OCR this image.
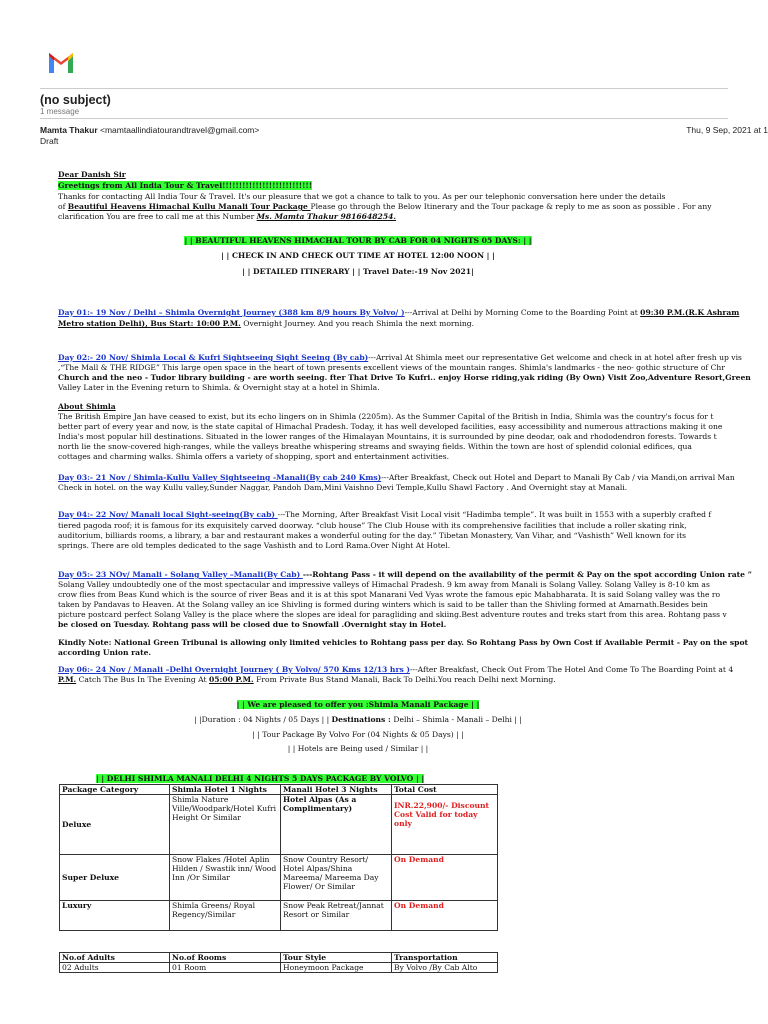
(no subject)
1 message
Mamta Thakur <mamtaallindiatourandtravel@gmail.com>	Thu, 9 Sep, 2021 at 1
Draft
Dear Danish Sir
Greetings from All India Tour & Travel!!!!!!!!!!!!!!!!!!!!!!!!!!!
Thanks for contacting All India Tour & Travel. It's our pleasure that we got a chance to talk to you. As per our telephonic conversation here under the details
of Beautiful Heavens Himachal Kullu Manali Tour Package Please go through the Below Itinerary and the Tour package & reply to me as soon as possible . For any
clarification You are free to call me at this Number Ms. Mamta Thakur 9816648254.
| | BEAUTIFUL HEAVENS HIMACHAL TOUR BY CAB FOR 04 NIGHTS 05 DAYS: | |
| | CHECK IN AND CHECK OUT TIME AT HOTEL 12:00 NOON | |
| | DETAILED ITINERARY | | Travel Date:-19 Nov 2021|
Day 01:- 19 Nov / Delhi – Shimla Overnight Journey (388 km 8/9 hours By Volvo/ )---Arrival at Delhi by Morning Come to the Boarding Point at 09:30 P.M.(R.K Ashram
Metro station Delhi), Bus Start: 10:00 P.M. Overnight Journey. And you reach Shimla the next morning.
Day 02:- 20 Nov/ Shimla Local & Kufri Sightseeing Sight Seeing (By cab)---Arrival At Shimla meet our representative Get welcome and check in at hotel after fresh up vis
,“The Mall & THE RIDGE” This large open space in the heart of town presents excellent views of the mountain ranges. Shimla's landmarks - the neo- gothic structure of Chr
Church and the neo - Tudor library building - are worth seeing. fter That Drive To Kufri.. enjoy Horse riding,yak riding (By Own) Visit Zoo,Adventure Resort,Green
Valley Later in the Evening return to Shimla. & Overnight stay at a hotel in Shimla.
About Shimla
The British Empire Jan have ceased to exist, but its echo lingers on in Shimla (2205m). As the Summer Capital of the British in India, Shimla was the country's focus for t
better part of every year and now, is the state capital of Himachal Pradesh. Today, it has well developed facilities, easy accessibility and numerous attractions making it one
India's most popular hill destinations. Situated in the lower ranges of the Himalayan Mountains, it is surrounded by pine deodar, oak and rhododendron forests. Towards t
north lie the snow-covered high-ranges, while the valleys breathe whispering streams and swaying fields. Within the town are host of splendid colonial edifices, qua
cottages and charming walks. Shimla offers a variety of shopping, sport and entertainment activities.
Day 03:- 21 Nov / Shimla-Kullu Valley Sightseeing -Manali(By cab 240 Kms)---After Breakfast, Check out Hotel and Depart to Manali By Cab / via Mandi,on arrival Man
Check in hotel. on the way Kullu valley,Sunder Naggar, Pandoh Dam,Mini Vaishno Devi Temple,Kullu Shawl Factory . And Overnight stay at Manali.
Day 04:- 22 Nov/ Manali local Sight-seeing(By cab) ---The Morning, After Breakfast Visit Local visit “Hadimba temple”. It was built in 1553 with a superbly crafted f
tiered pagoda roof; it is famous for its exquisitely carved doorway. “club house” The Club House with its comprehensive facilities that include a roller skating rink,
auditorium, billiards rooms, a library, a bar and restaurant makes a wonderful outing for the day.” Tibetan Monastery, Van Vihar, and “Vashisth” Well known for its
springs. There are old temples dedicated to the sage Vashisth and to Lord Rama.Over Night At Hotel.
Day 05:- 23 NOv/ Manali - Solang Valley –Manali(By Cab) ---Rohtang Pass - it will depend on the availability of the permit & Pay on the spot according Union rate ”
Solang Valley undoubtedly one of the most spectacular and impressive valleys of Himachal Pradesh. 9 km away from Manali is Solang Valley. Solang Valley is 8-10 km as
crow flies from Beas Kund which is the source of river Beas and it is at this spot Manarani Ved Vyas wrote the famous epic Mahabharata. It is said Solang valley was the ro
taken by Pandavas to Heaven. At the Solang valley an ice Shivling is formed during winters which is said to be taller than the Shivling formed at Amarnath.Besides bein
picture postcard perfect Solang Valley is the place where the slopes are ideal for paragliding and skiing.Best adventure routes and treks start from this area. Rohtang pass v
be closed on Tuesday. Rohtang pass will be closed due to Snowfall .Overnight stay in Hotel.
Kindly Note: National Green Tribunal is allowing only limited vehicles to Rohtang pass per day. So Rohtang Pass by Own Cost if Available Permit - Pay on the spot
according Union rate.
Day 06:- 24 Nov / Manali –Delhi Overnight Journey ( By Volvo/ 570 Kms 12/13 hrs )---After Breakfast, Check Out From The Hotel And Come To The Boarding Point at 4
P.M. Catch The Bus In The Evening At 05:00 P.M. From Private Bus Stand Manali, Back To Delhi.You reach Delhi next Morning.
| | We are pleased to offer you :Shimla Manali Package | |
| |Duration : 04 Nights / 05 Days | | Destinations : Delhi – Shimla - Manali – Delhi | |
| | Tour Package By Volvo For (04 Nights & 05 Days) | |
| | Hotels are Being used / Similar | |
| | DELHI SHIMLA MANALI DELHI 4 NIGHTS 5 DAYS PACKAGE BY VOLVO | |
Package Category	Shimla Hotel 1 Nights	Manali Hotel 3 Nights	Total Cost
Deluxe	Shimla Nature Ville/Woodpark/Hotel Kufri Height Or Similar	Hotel Alpas (As a Complimentary)	INR.22,900/- Discount Cost Valid for today only
Super Deluxe	Snow Flakes /Hotel Aplin Hilden / Swastik inn/ Wood Inn /Or Similar	Snow Country Resort/ Hotel Alpas/Shina Mareema/ Mareema Day Flower/ Or Similar	On Demand
Luxury	Shimla Greens/ Royal Regency/Similar	Snow Peak Retreat/Jannat Resort or Similar	On Demand
No.of Adults	No.of Rooms	Tour Style	Transportation
02 Adults	01 Room	Honeymoon Package	By Volvo /By Cab Alto
